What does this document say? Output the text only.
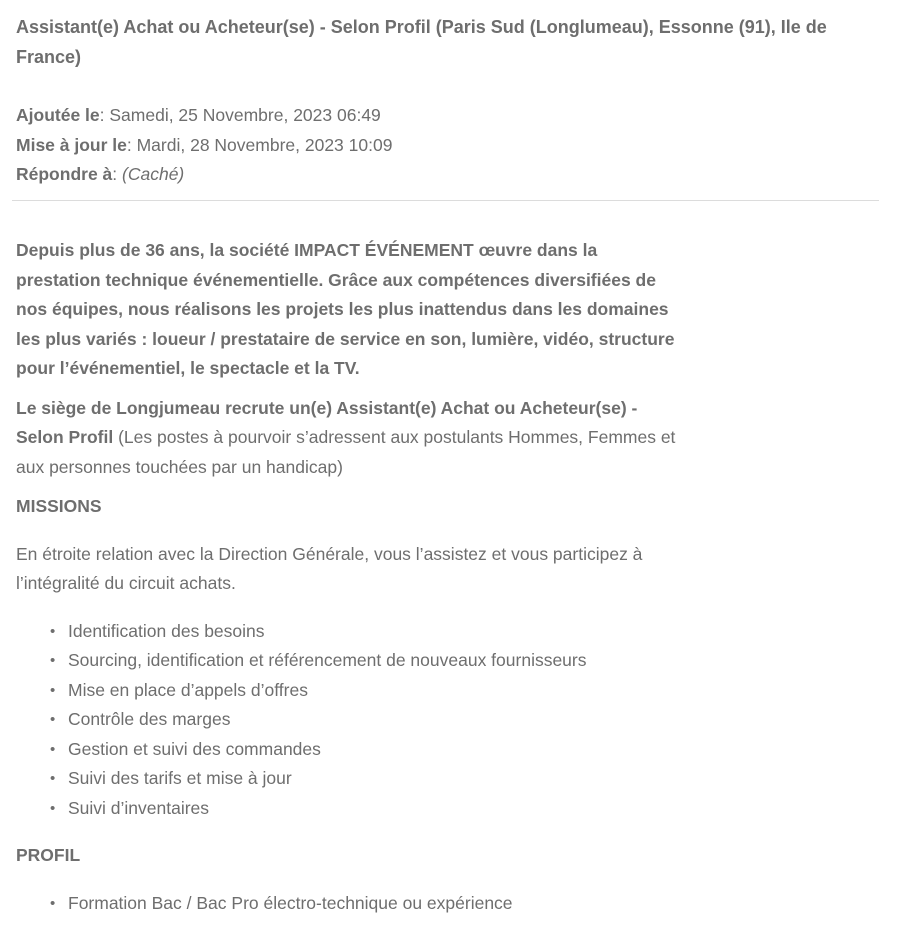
Assistant(e) Achat ou Acheteur(se) - Selon Profil (Paris Sud (Longlumeau), Essonne (91), Ile de France)
Ajoutée le: Samedi, 25 Novembre, 2023 06:49
Mise à jour le: Mardi, 28 Novembre, 2023 10:09
Répondre à: (Caché)

Depuis plus de 36 ans, la société IMPACT ÉVÉNEMENT œuvre dans la prestation technique événementielle. Grâce aux compétences diversifiées de nos équipes, nous réalisons les projets les plus inattendus dans les domaines les plus variés : loueur / prestataire de service en son, lumière, vidéo, structure pour l’événementiel, le spectacle et la TV.

Le siège de Longjumeau recrute un(e) Assistant(e) Achat ou Acheteur(se) - Selon Profil (Les postes à pourvoir s’adressent aux postulants Hommes, Femmes et aux personnes touchées par un handicap)

MISSIONS

En étroite relation avec la Direction Générale, vous l’assistez et vous participez à l’intégralité du circuit achats.

• Identification des besoins
• Sourcing, identification et référencement de nouveaux fournisseurs
• Mise en place d’appels d’offres
• Contrôle des marges
• Gestion et suivi des commandes
• Suivi des tarifs et mise à jour
• Suivi d’inventaires
PROFIL
• Formation Bac / Bac Pro électro-technique ou expérience
